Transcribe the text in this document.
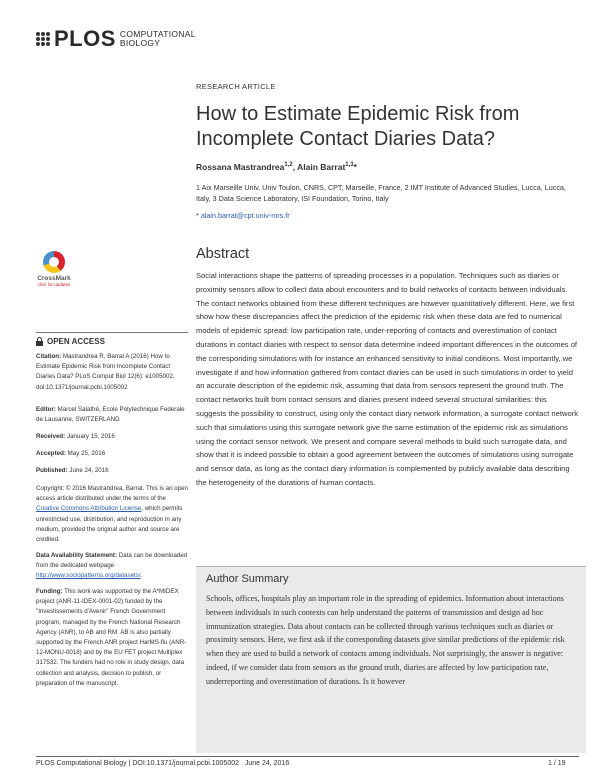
PLOS COMPUTATIONAL
BIOLOGY
RESEARCH ARTICLE
How to Estimate Epidemic Risk from Incomplete Contact Diaries Data?
Rossana Mastrandrea$^{1,2}$, Alain Barrat$^{1,3}$*
1 Aix Marseille Univ, Univ Toulon, CNRS, CPT, Marseille, France, 2 IMT Institute of Advanced Studies, Lucca, Lucca, Italy, 3 Data Science Laboratory, ISI Foundation, Torino, Italy
* alain.barrat@cpt.univ-mrs.fr
CrossMark
click for updates
Abstract
Social interactions shape the patterns of spreading processes in a population. Techniques such as diaries or proximity sensors allow to collect data about encounters and to build networks of contacts between individuals. The contact networks obtained from these different techniques are however quantitatively different. Here, we first show how these discrepancies affect the prediction of the epidemic risk when these data are fed to numerical models of epidemic spread: low participation rate, under-reporting of contacts and overestimation of contact durations in contact diaries with respect to sensor data determine indeed important differences in the outcomes of the corresponding simulations with for instance an enhanced sensitivity to initial conditions. Most importantly, we investigate if and how information gathered from contact diaries can be used in such simulations in order to yield an accurate description of the epidemic risk, assuming that data from sensors represent the ground truth. The contact networks built from contact sensors and diaries present indeed several structural similarities: this suggests the possibility to construct, using only the contact diary network information, a surrogate contact network such that simulations using this surrogate network give the same estimation of the epidemic risk as simulations using the contact sensor network. We present and compare several methods to build such surrogate data, and show that it is indeed possible to obtain a good agreement between the outcomes of simulations using surrogate and sensor data, as long as the contact diary information is complemented by publicly available data describing the heterogeneity of the durations of human contacts.
OPEN ACCESS
Citation: Mastrandrea R, Barrat A (2016) How to Estimate Epidemic Risk from Incomplete Contact Diaries Data? PLoS Comput Biol 12(6): e1005002. doi:10.1371/journal.pcbi.1005002
Editor: Marcel Salathé, Ecole Polytechnique Federale de Lausanne, SWITZERLAND
Received: January 15, 2016
Accepted: May 25, 2016
Published: June 24, 2016
Copyright: © 2016 Mastrandrea, Barrat. This is an open access article distributed under the terms of the Creative Commons Attribution License, which permits unrestricted use, distribution, and reproduction in any medium, provided the original author and source are credited.
Data Availability Statement: Data can be downloaded from the dedicated webpage http://www.sociopatterns.org/datasets/.
Funding: This work was supported by the A*MIDEX project (ANR-11-IDEX-0001-02) funded by the "Investissements d'Avenir" French Government program, managed by the French National Research Agency (ANR), to AB and RM. AB is also partially supported by the French ANR project HarMS-flu (ANR-12-MONU-0018) and by the EU FET project Multiplex 317532. The funders had no role in study design, data collection and analysis, decision to publish, or preparation of the manuscript.
Author Summary
Schools, offices, hospitals play an important role in the spreading of epidemics. Information about interactions between individuals in such contexts can help understand the patterns of transmission and design ad hoc immunization strategies. Data about contacts can be collected through various techniques such as diaries or proximity sensors. Here, we first ask if the corresponding datasets give similar predictions of the epidemic risk when they are used to build a network of contacts among individuals. Not surprisingly, the answer is negative: indeed, if we consider data from sensors as the ground truth, diaries are affected by low participation rate, underreporting and overestimation of durations. Is it however
PLOS Computational Biology | DOI:10.1371/journal.pcbi.1005002   June 24, 2016	1 / 19
